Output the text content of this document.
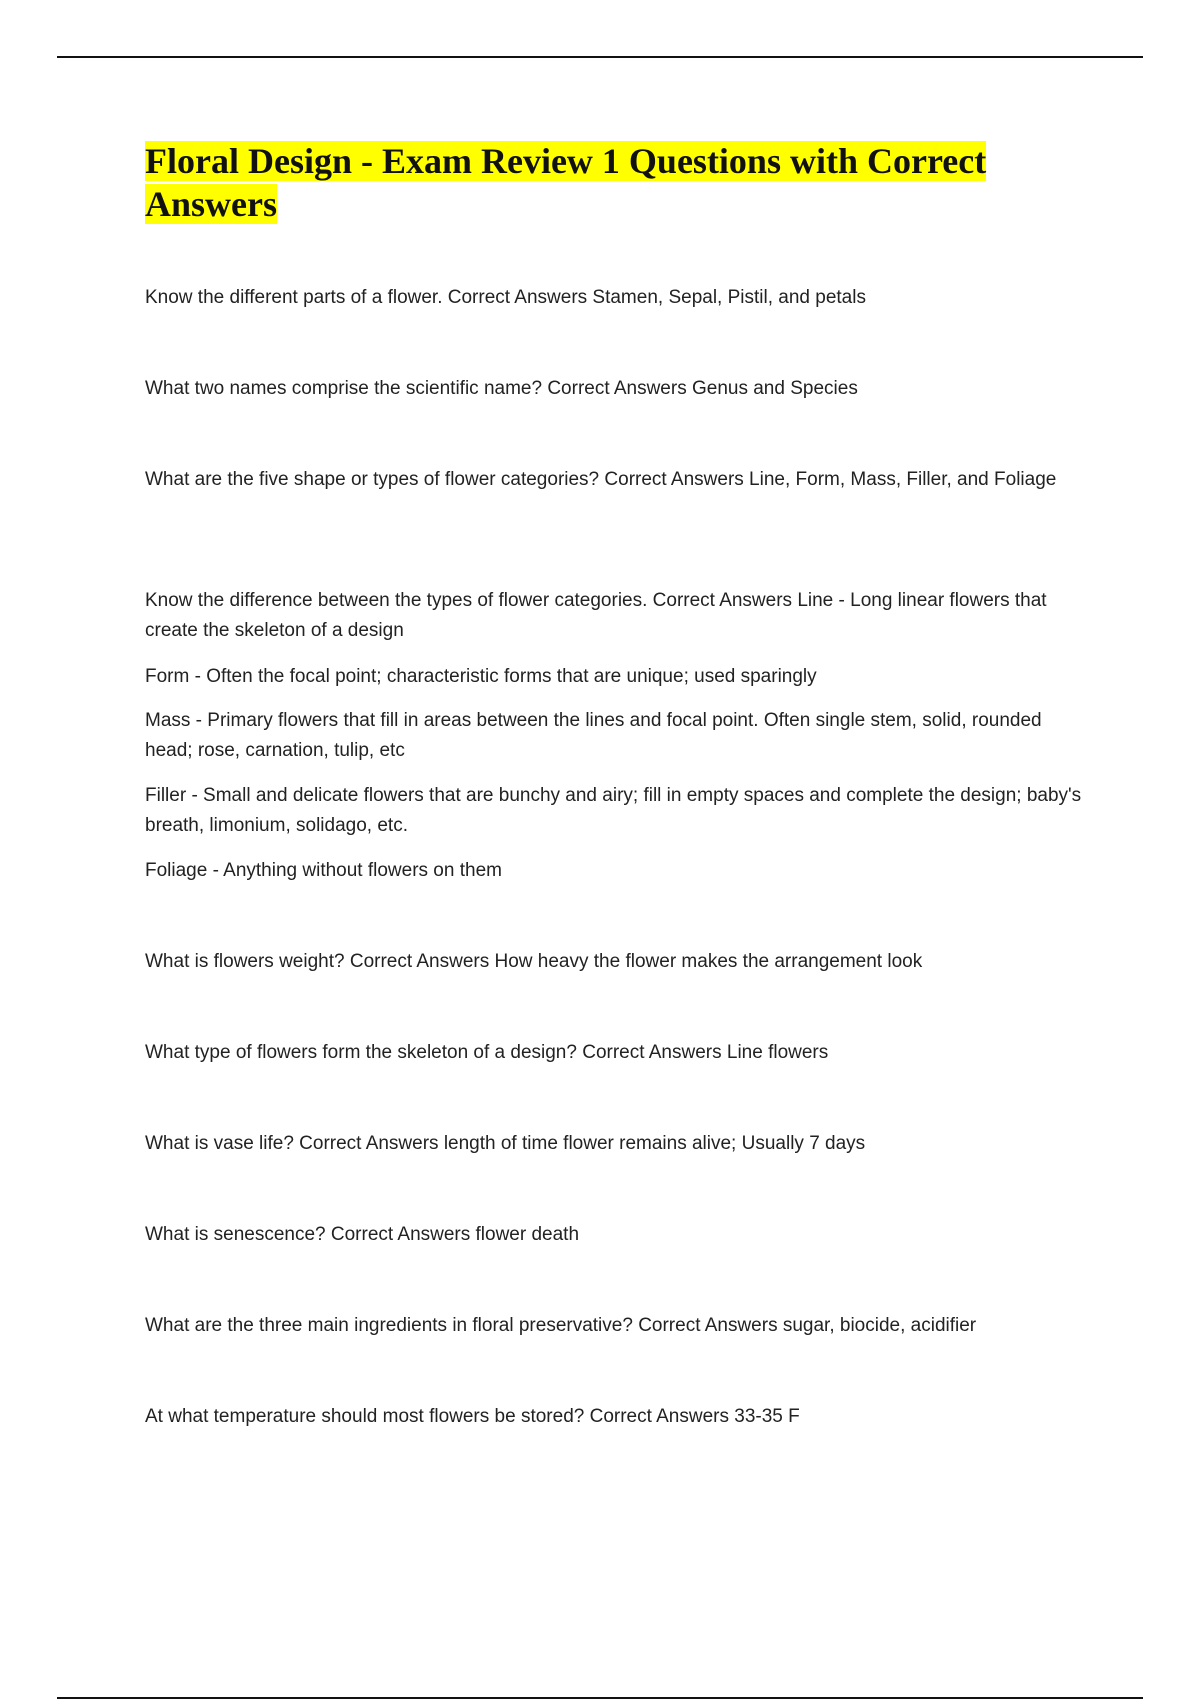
Floral Design - Exam Review 1 Questions with Correct Answers

Know the different parts of a flower. Correct Answers Stamen, Sepal, Pistil, and petals

What two names comprise the scientific name? Correct Answers Genus and Species

What are the five shape or types of flower categories? Correct Answers Line, Form, Mass, Filler, and Foliage

Know the difference between the types of flower categories. Correct Answers Line - Long linear flowers that create the skeleton of a design

Form - Often the focal point; characteristic forms that are unique; used sparingly

Mass - Primary flowers that fill in areas between the lines and focal point. Often single stem, solid, rounded head; rose, carnation, tulip, etc

Filler - Small and delicate flowers that are bunchy and airy; fill in empty spaces and complete the design; baby's breath, limonium, solidago, etc.

Foliage - Anything without flowers on them

What is flowers weight? Correct Answers How heavy the flower makes the arrangement look

What type of flowers form the skeleton of a design? Correct Answers Line flowers

What is vase life? Correct Answers length of time flower remains alive; Usually 7 days

What is senescence? Correct Answers flower death

What are the three main ingredients in floral preservative? Correct Answers sugar, biocide, acidifier

At what temperature should most flowers be stored? Correct Answers 33-35 F
